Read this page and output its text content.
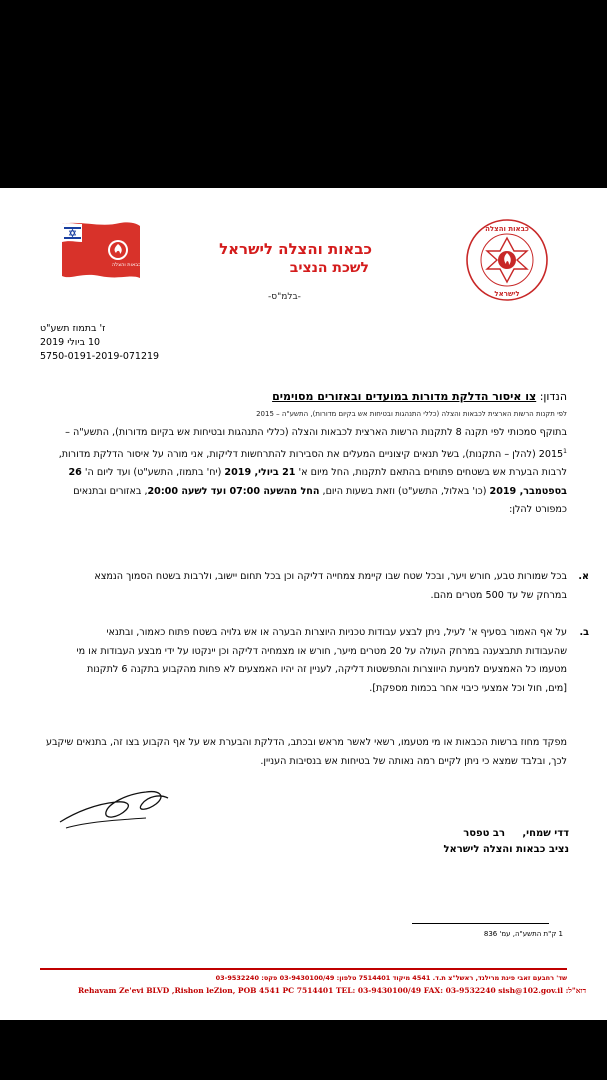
כבאות והצלה
כבאות והצלה לישראל
לשכת הנציב
כבאות והצלה
לישראל
-בלמ"ס-
ז' בתמוז תשע"ט
10 ביולי 2019
5750-0191-2019-071219
הנדון: צו איסור הדלקת מדורות במועדים ובאזורים מסוימים
לפי תקנות הרשות הארצית לכבאות והצלה (כללי התנהגות ובטיחות אש בקיום מדורות), התשע"ה – 2015
בתוקף סמכותי לפי תקנה 8 לתקנות הרשות הארצית לכבאות והצלה (כללי התנהגות ובטיחות אש בקיום מדורות), התשע"ה – 2015$^1$ (להלן – התקנות), בשל תנאים קיצוניים המעלים את הסבירות להתרחשות דליקות, אני מורה על איסור הדלקת מדורות, לרבות הבערת אש בשטחים פתוחים בהתאם לתקנות, החל מיום א' 21 ביולי, 2019 (יח' בתמוז, התשע"ט) ועד ליום ה' 26 בספטמבר, 2019 (כו' באלול, התשע"ט) וזאת בשעות היום, החל מהשעה 07:00 ועד לשעה 20:00, באזורים ובתנאים כמפורט להלן:
א.
בכל שמורות טבע, חורש ויער, ובכל שטח שבו קיימת צמחייה דליקה וכן בכל תחום יישוב, ולרבות בשטח הסמוך הנמצא במרחק של עד 500 מטרים מהם.
ב.
על אף האמור בסעיף א' לעיל, ניתן לבצע עבודות טכניות היוצרות הבערה או אש גלויה בשטח פתוח כאמור, ובתנאי שהעבודות תתבצענה במרחק העולה על 20 מטרים מיער, חורש או מצמחיה דליקה וכן יינקטו על ידי מבצע העבודות או מי מטעמו כל האמצעים למניעת היווצרות והתפשטות דליקה, לעניין זה יהיו האמצעים לא פחות מהקבוע בתקנה 6 לתקנות [מים, חול וכל אמצעי כיבוי אחר בכמות מספקת].
מפקד מחוז ברשות הכבאות או מי מטעמו, רשאי לאשר מראש ובכתב, הדלקת והבערת אש על אף הקבוע בצו זה, בתנאים שיקבע לכך, ובלבד שמצא כי ניתן לקיים רמה נאותה של בטיחות אש בנסיבות העניין.
דדי שמחי,     רב טפסר
נציב כבאות והצלה לישראל
1 ק"ת התשע"ה, עמ' 836
שד' רחבעם זאבי פינת מרילנד, ראשל"צ ת.ד. 4541 מיקוד 7514401 טלפון: 03-9430100/49 פקס: 03-9532240
Rehavam Ze'evi BLVD ,Rishon leZion, POB 4541 PC 7514401 TEL: 03-9430100/49 FAX: 03-9532240 sish@102.gov.il :דוא"ל
